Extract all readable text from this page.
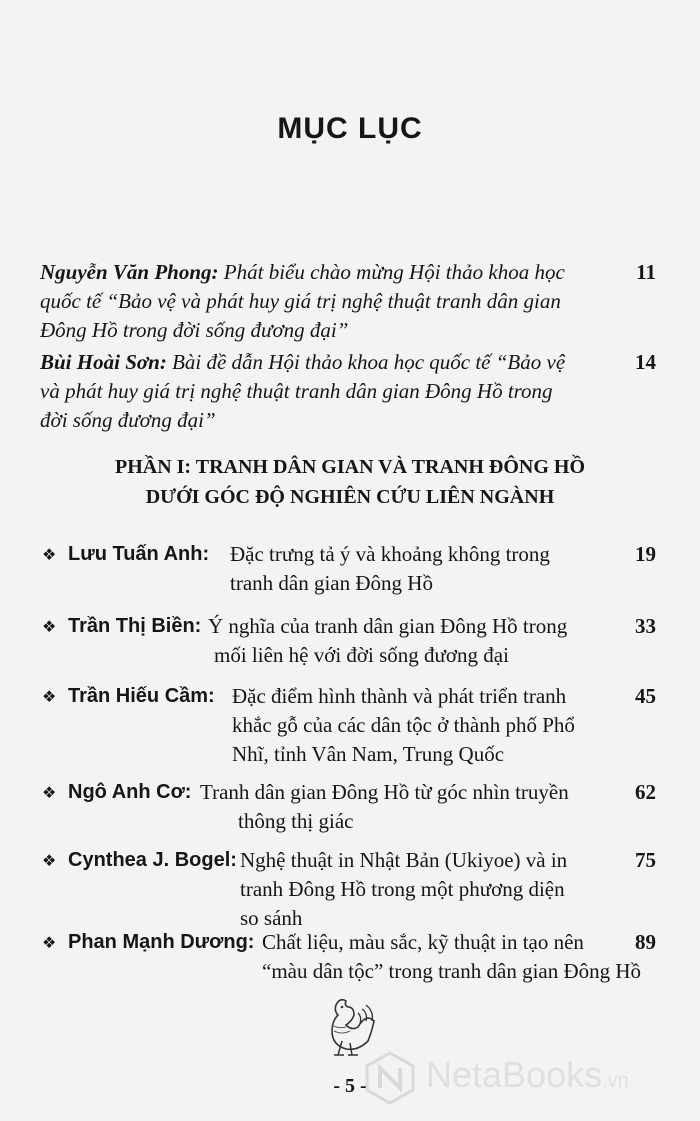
MỤC LỤC
Nguyễn Văn Phong: Phát biểu chào mừng Hội thảo khoa học
quốc tế “Bảo vệ và phát huy giá trị nghệ thuật tranh dân gian
Đông Hồ trong đời sống đương đại”
11
Bùi Hoài Sơn: Bài đề dẫn Hội thảo khoa học quốc tế “Bảo vệ
và phát huy giá trị nghệ thuật tranh dân gian Đông Hồ trong
đời sống đương đại”
14
PHẦN I: TRANH DÂN GIAN VÀ TRANH ĐÔNG HỒ
DƯỚI GÓC ĐỘ NGHIÊN CỨU LIÊN NGÀNH
❖ Lưu Tuấn Anh: Đặc trưng tả ý và khoảng không trong
tranh dân gian Đông Hồ
19
❖ Trần Thị Biền: Ý nghĩa của tranh dân gian Đông Hồ trong
mối liên hệ với đời sống đương đại
33
❖ Trần Hiếu Cầm: Đặc điểm hình thành và phát triển tranh
khắc gỗ của các dân tộc ở thành phố Phổ
Nhĩ, tỉnh Vân Nam, Trung Quốc
45
❖ Ngô Anh Cơ: Tranh dân gian Đông Hồ từ góc nhìn truyền
thông thị giác
62
❖ Cynthea J. Bogel: Nghệ thuật in Nhật Bản (Ukiyoe) và in
tranh Đông Hồ trong một phương diện
so sánh
75
❖ Phan Mạnh Dương: Chất liệu, màu sắc, kỹ thuật in tạo nên
“màu dân tộc” trong tranh dân gian Đông Hồ
89
- 5 -	NetaBooks.vn
